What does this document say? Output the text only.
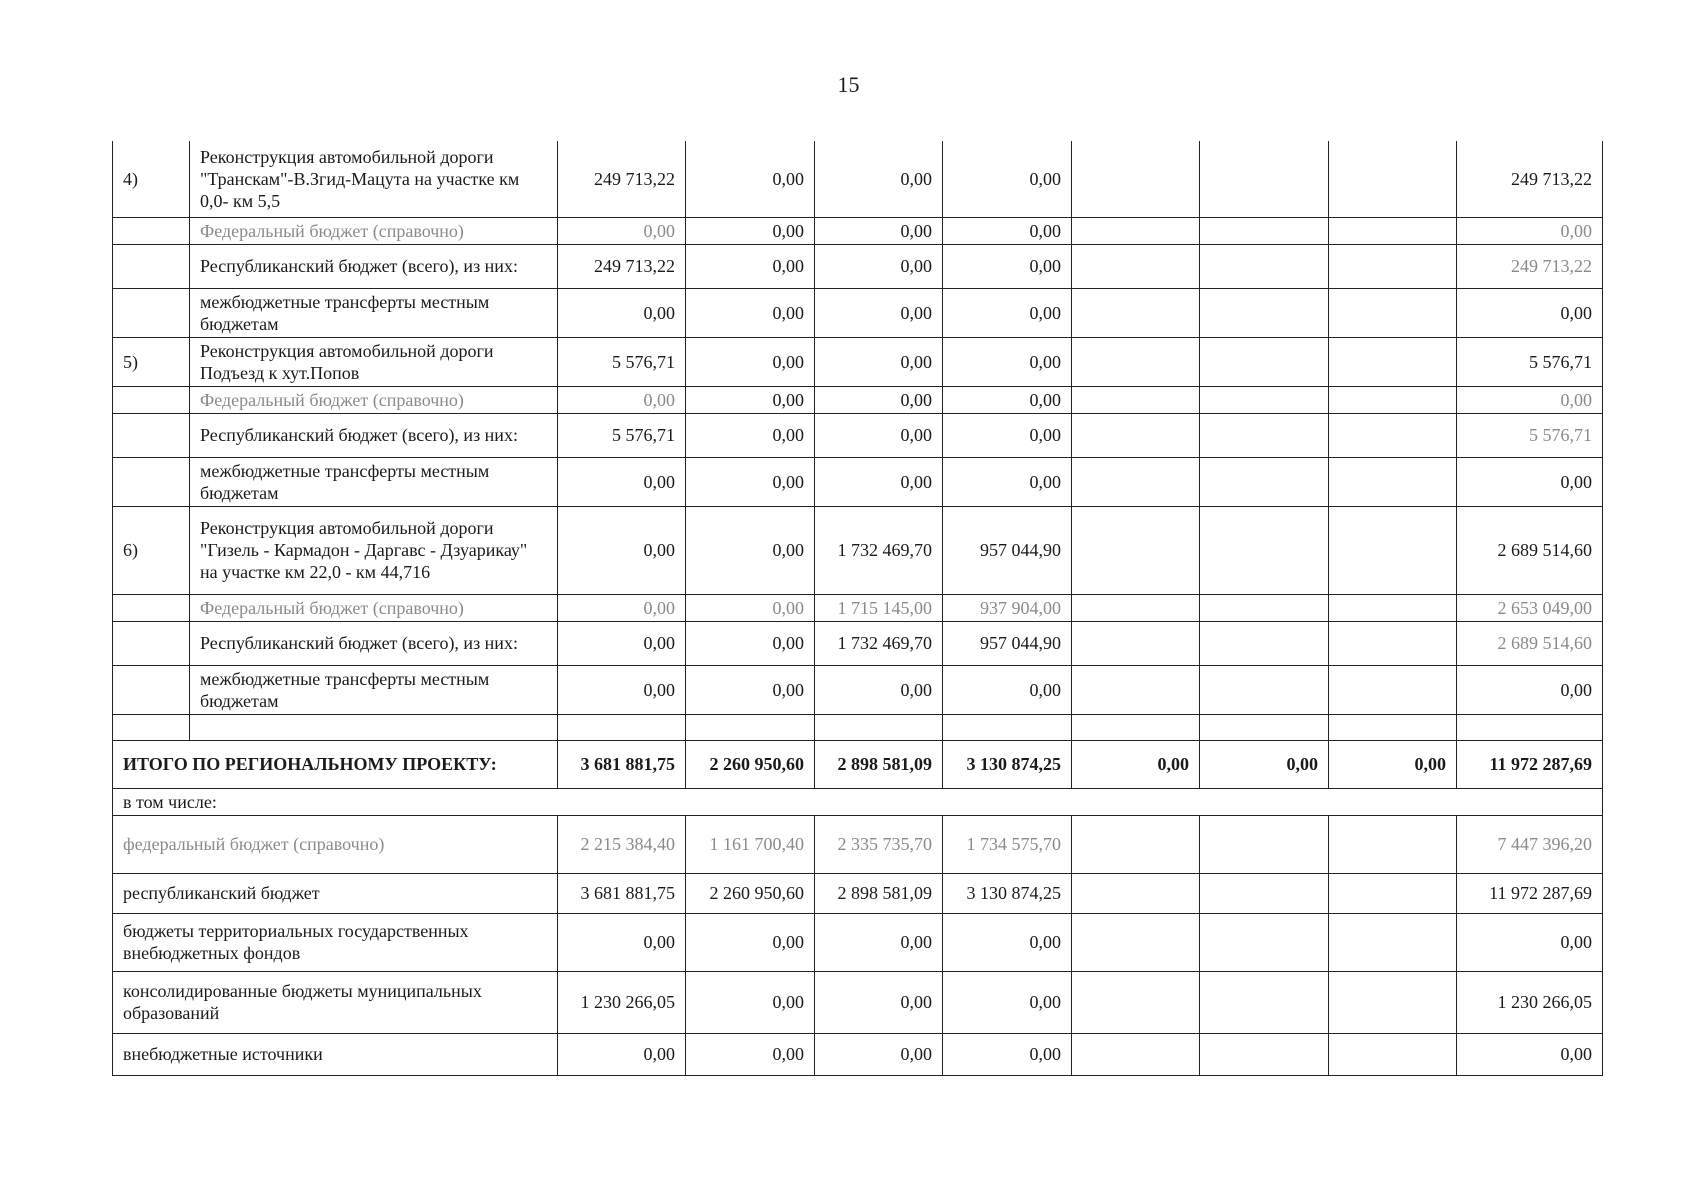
15
4)	Реконструкция автомобильной дороги "Транскам"-В.Згид-Мацута на участке км 0,0- км 5,5	249 713,22	0,00	0,00	0,00				249 713,22
	Федеральный бюджет (справочно)	0,00	0,00	0,00	0,00				0,00
	Республиканский бюджет (всего), из них:	249 713,22	0,00	0,00	0,00				249 713,22
	межбюджетные трансферты местным бюджетам	0,00	0,00	0,00	0,00				0,00
5)	Реконструкция автомобильной дороги Подъезд к хут.Попов	5 576,71	0,00	0,00	0,00				5 576,71
	Федеральный бюджет (справочно)	0,00	0,00	0,00	0,00				0,00
	Республиканский бюджет (всего), из них:	5 576,71	0,00	0,00	0,00				5 576,71
	межбюджетные трансферты местным бюджетам	0,00	0,00	0,00	0,00				0,00
6)	Реконструкция автомобильной дороги "Гизель - Кармадон - Даргавс - Дзуарикау" на участке км 22,0 - км 44,716	0,00	0,00	1 732 469,70	957 044,90				2 689 514,60
	Федеральный бюджет (справочно)	0,00	0,00	1 715 145,00	937 904,00				2 653 049,00
	Республиканский бюджет (всего), из них:	0,00	0,00	1 732 469,70	957 044,90				2 689 514,60
	межбюджетные трансферты местным бюджетам	0,00	0,00	0,00	0,00				0,00

ИТОГО ПО РЕГИОНАЛЬНОМУ ПРОЕКТУ:		3 681 881,75	2 260 950,60	2 898 581,09	3 130 874,25	0,00	0,00	0,00	11 972 287,69
в том числе:									
федеральный бюджет (справочно)		2 215 384,40	1 161 700,40	2 335 735,70	1 734 575,70				7 447 396,20
республиканский бюджет		3 681 881,75	2 260 950,60	2 898 581,09	3 130 874,25				11 972 287,69
бюджеты территориальных государственных внебюджетных фондов		0,00	0,00	0,00	0,00				0,00
консолидированные бюджеты муниципальных образований		1 230 266,05	0,00	0,00	0,00				1 230 266,05
внебюджетные источники		0,00	0,00	0,00	0,00				0,00
